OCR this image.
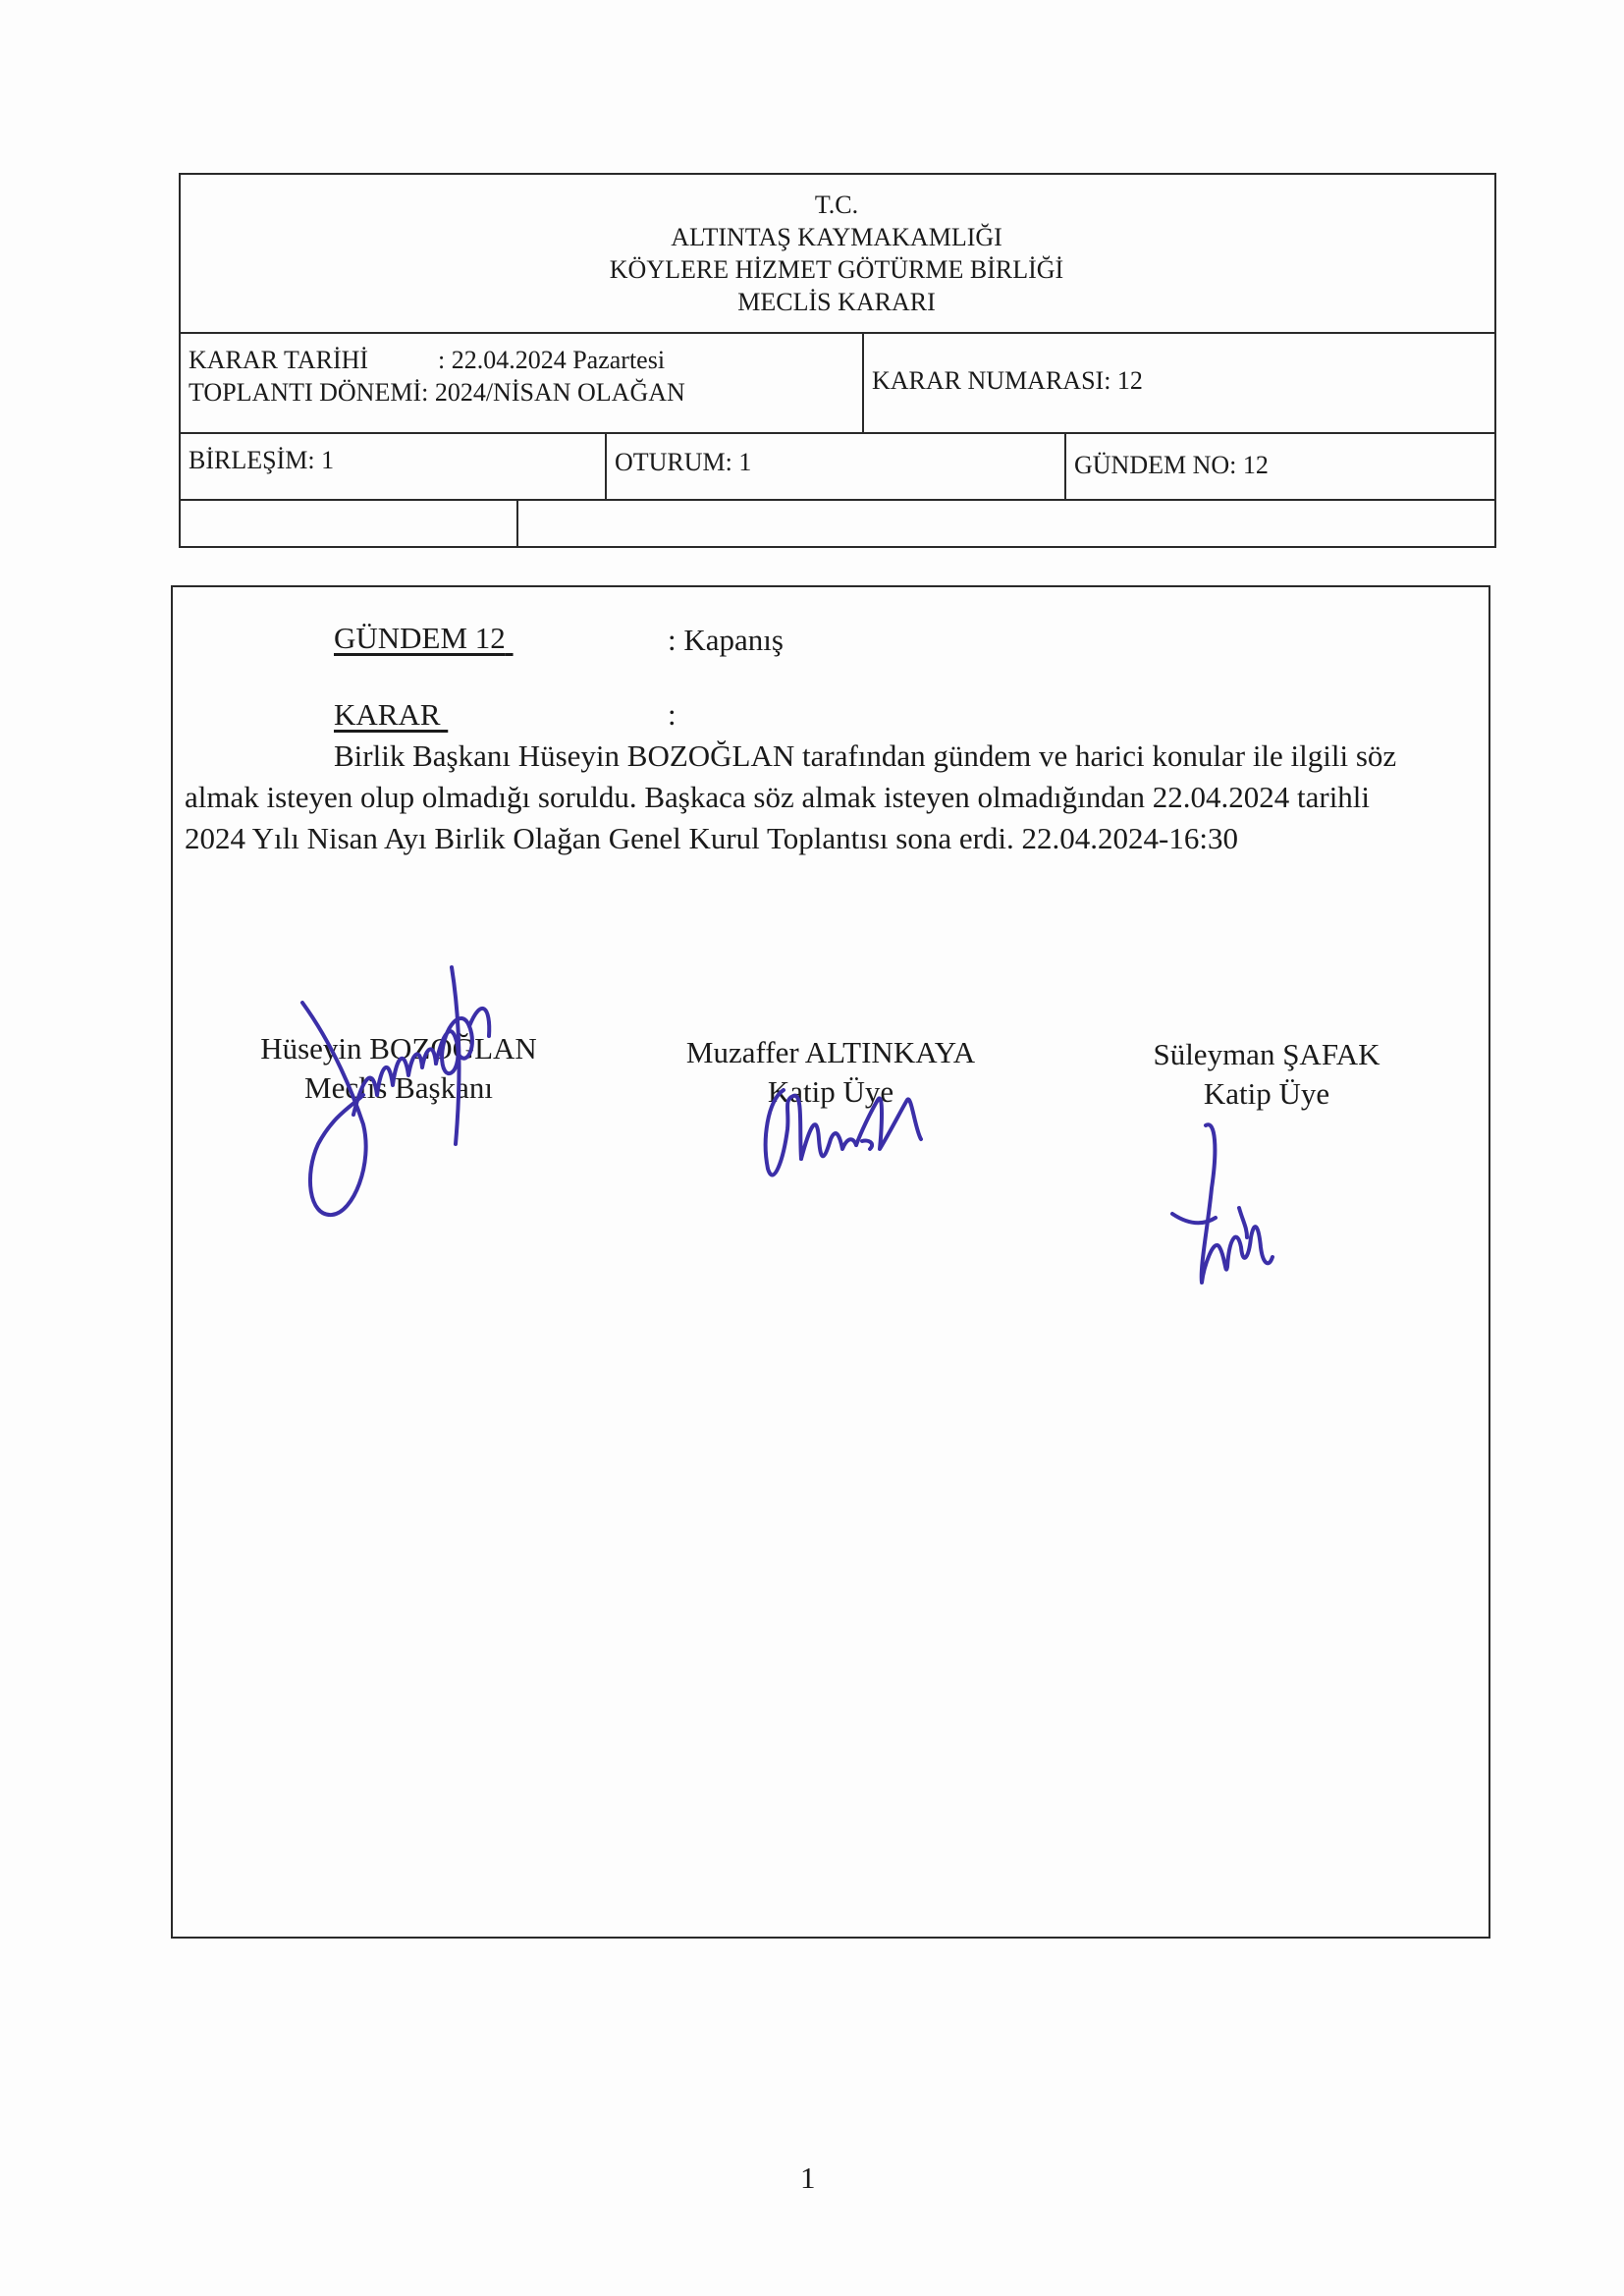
T.C.
ALTINTAŞ KAYMAKAMLIĞI
KÖYLERE HİZMET GÖTÜRME BİRLİĞİ
MECLİS KARARI
KARAR TARİHİ	: 22.04.2024 Pazartesi
TOPLANTI DÖNEMİ: 2024/NİSAN OLAĞAN	KARAR NUMARASI: 12
BİRLEŞİM: 1	OTURUM: 1	GÜNDEM NO: 12
GÜNDEM 12	: Kapanış
KARAR	:
Birlik Başkanı Hüseyin BOZOĞLAN tarafından gündem ve harici konular ile ilgili söz
almak isteyen olup olmadığı soruldu. Başkaca söz almak isteyen olmadığından 22.04.2024 tarihli
2024 Yılı Nisan Ayı Birlik Olağan Genel Kurul Toplantısı sona erdi. 22.04.2024-16:30
Hüseyin BOZOĞLAN
Meclis Başkanı
Muzaffer ALTINKAYA
Katip Üye
Süleyman ŞAFAK
Katip Üye
1
